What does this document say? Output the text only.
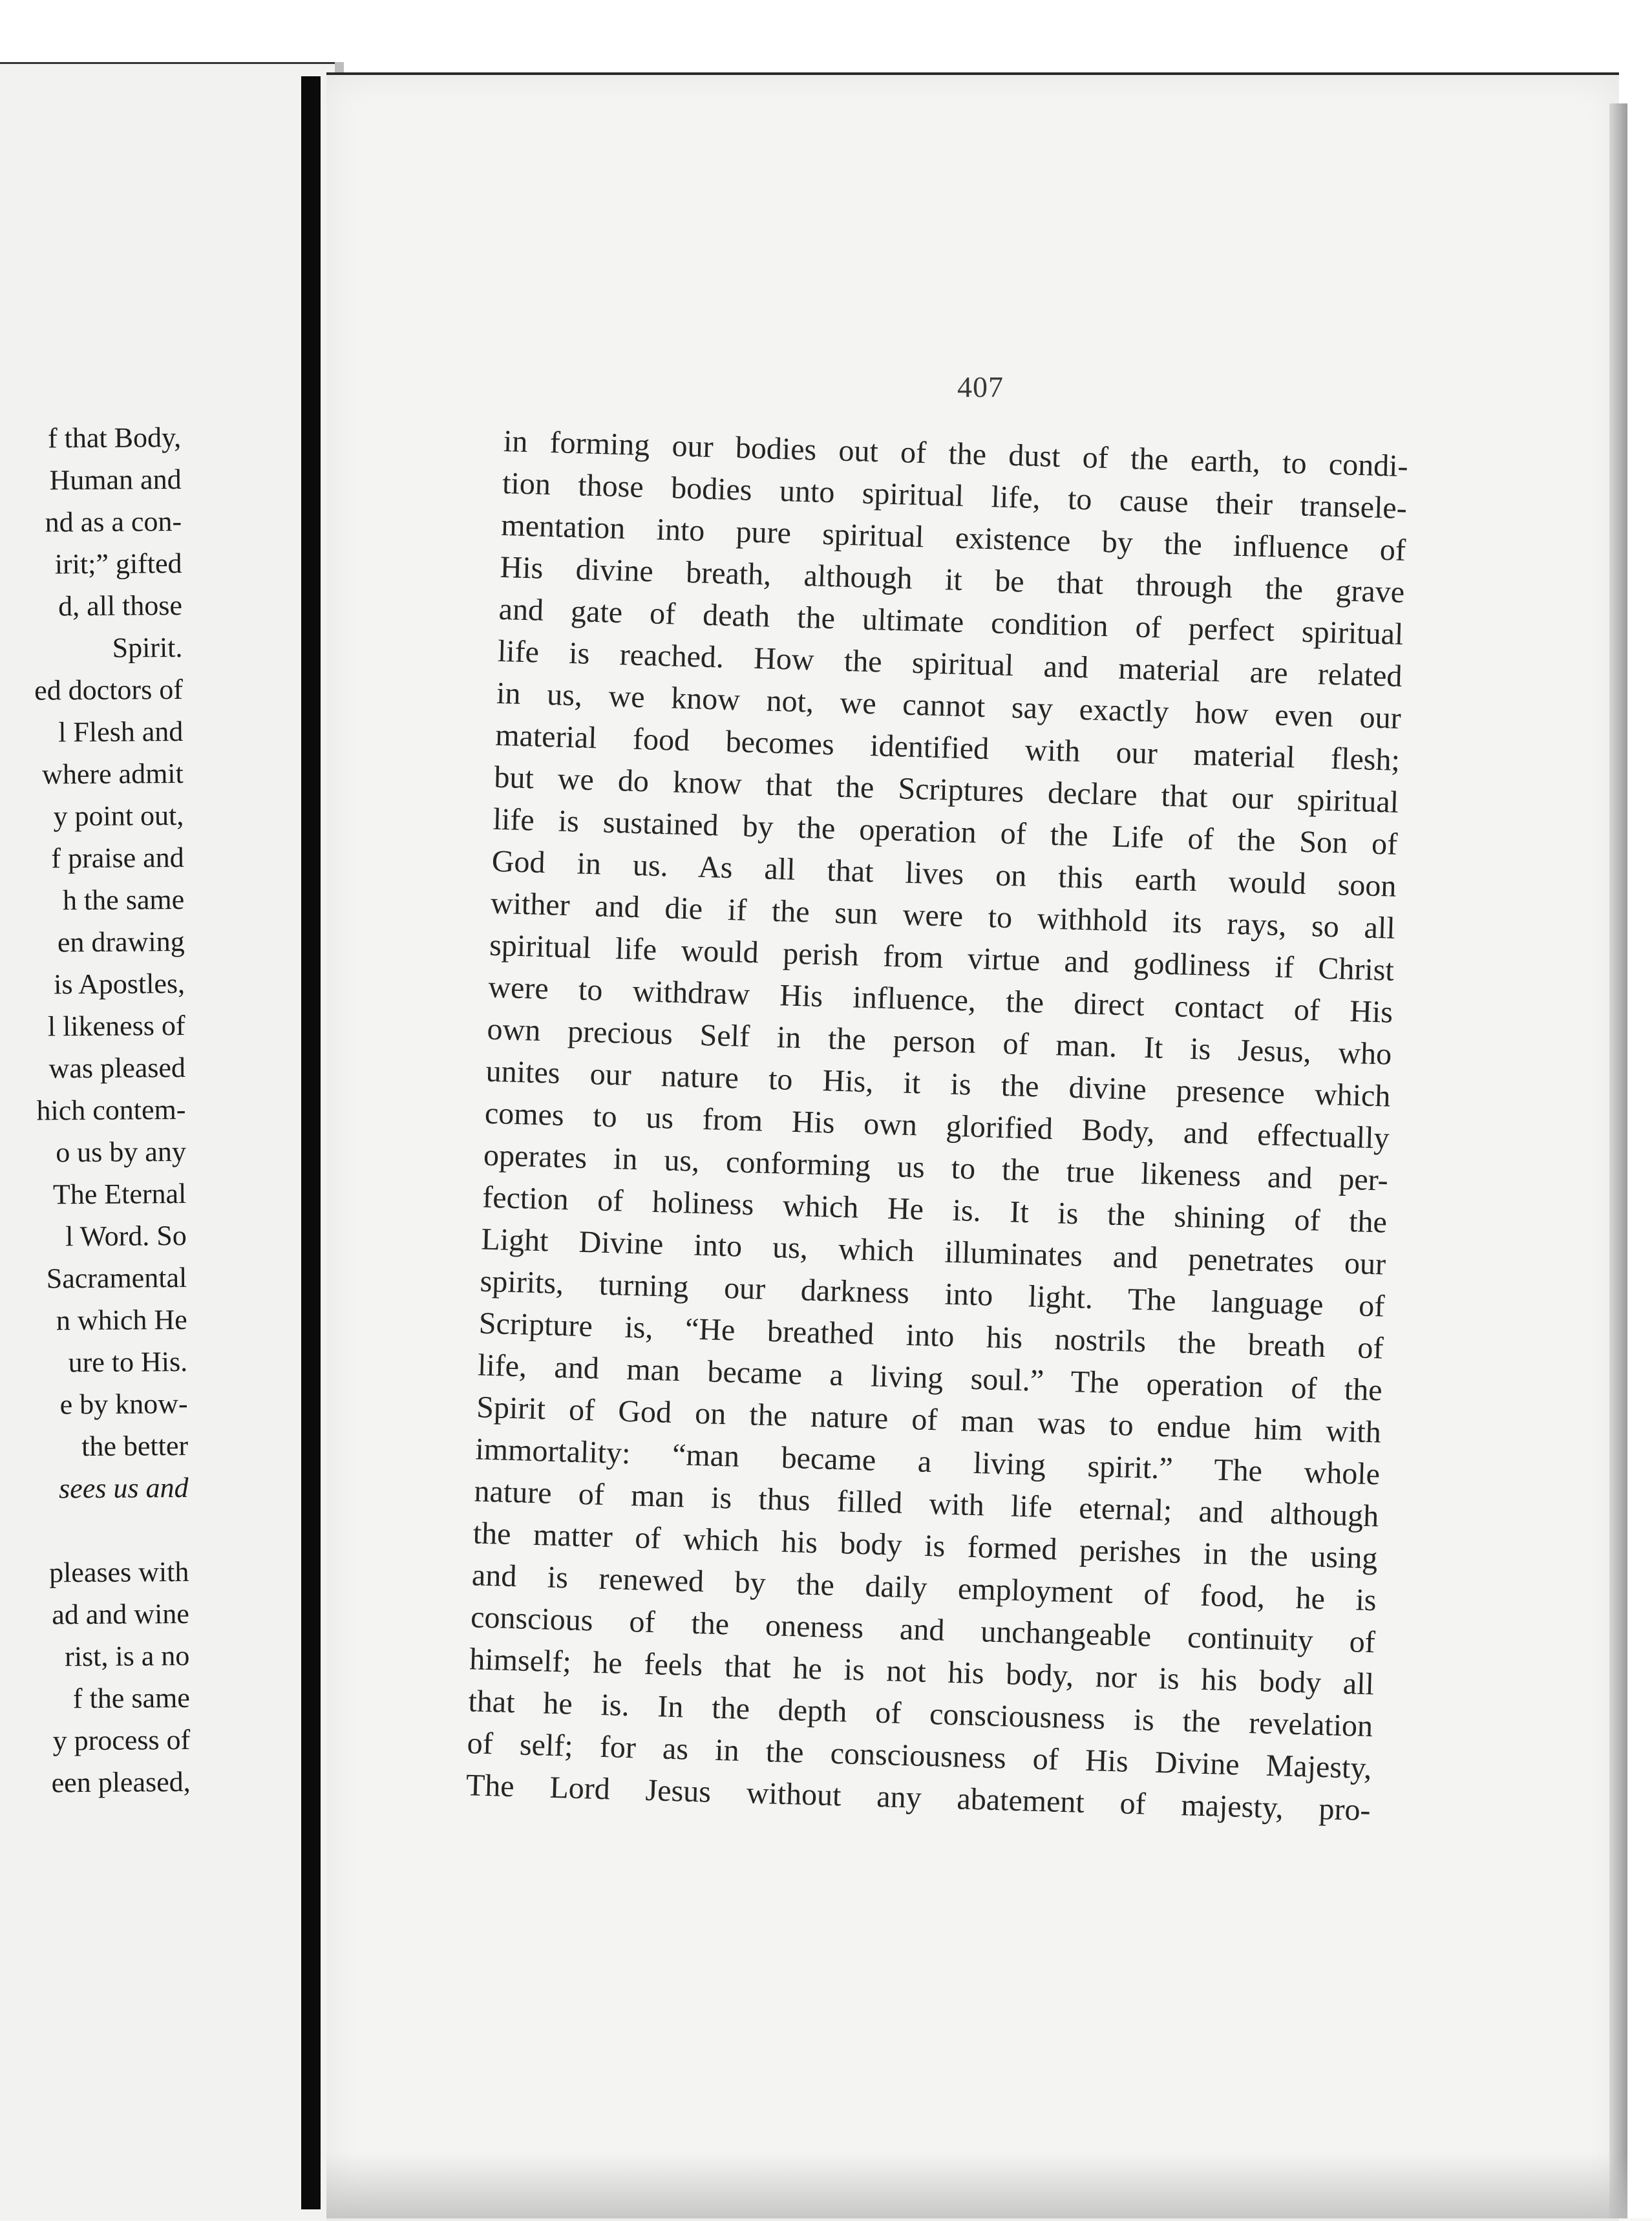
f that Body,
Human and
nd as a con-
irit;” gifted
d, all those
Spirit.
ed doctors of
l Flesh and
where admit
y point out,
f praise and
h the same
en drawing
is Apostles,
l likeness of
was pleased
hich contem-
o us by any
The Eternal
l Word. So
Sacramental
n which He
ure to His.
e by know-
the better
sees us and
pleases with
ad and wine
rist, is a no
f the same
y process of
een pleased,
407
in forming our bodies out of the dust of the earth, to condi-
tion those bodies unto spiritual life, to cause their transele-
mentation into pure spiritual existence by the influence of
His divine breath, although it be that through the grave
and gate of death the ultimate condition of perfect spiritual
life is reached. How the spiritual and material are related
in us, we know not, we cannot say exactly how even our
material food becomes identified with our material flesh;
but we do know that the Scriptures declare that our spiritual
life is sustained by the operation of the Life of the Son of
God in us. As all that lives on this earth would soon
wither and die if the sun were to withhold its rays, so all
spiritual life would perish from virtue and godliness if Christ
were to withdraw His influence, the direct contact of His
own precious Self in the person of man. It is Jesus, who
unites our nature to His, it is the divine presence which
comes to us from His own glorified Body, and effectually
operates in us, conforming us to the true likeness and per-
fection of holiness which He is. It is the shining of the
Light Divine into us, which illuminates and penetrates our
spirits, turning our darkness into light. The language of
Scripture is, “He breathed into his nostrils the breath of
life, and man became a living soul.” The operation of the
Spirit of God on the nature of man was to endue him with
immortality: “man became a living spirit.” The whole
nature of man is thus filled with life eternal; and although
the matter of which his body is formed perishes in the using
and is renewed by the daily employment of food, he is
conscious of the oneness and unchangeable continuity of
himself; he feels that he is not his body, nor is his body all
that he is. In the depth of consciousness is the revelation
of self; for as in the consciousness of His Divine Majesty,
The Lord Jesus without any abatement of majesty, pro-
